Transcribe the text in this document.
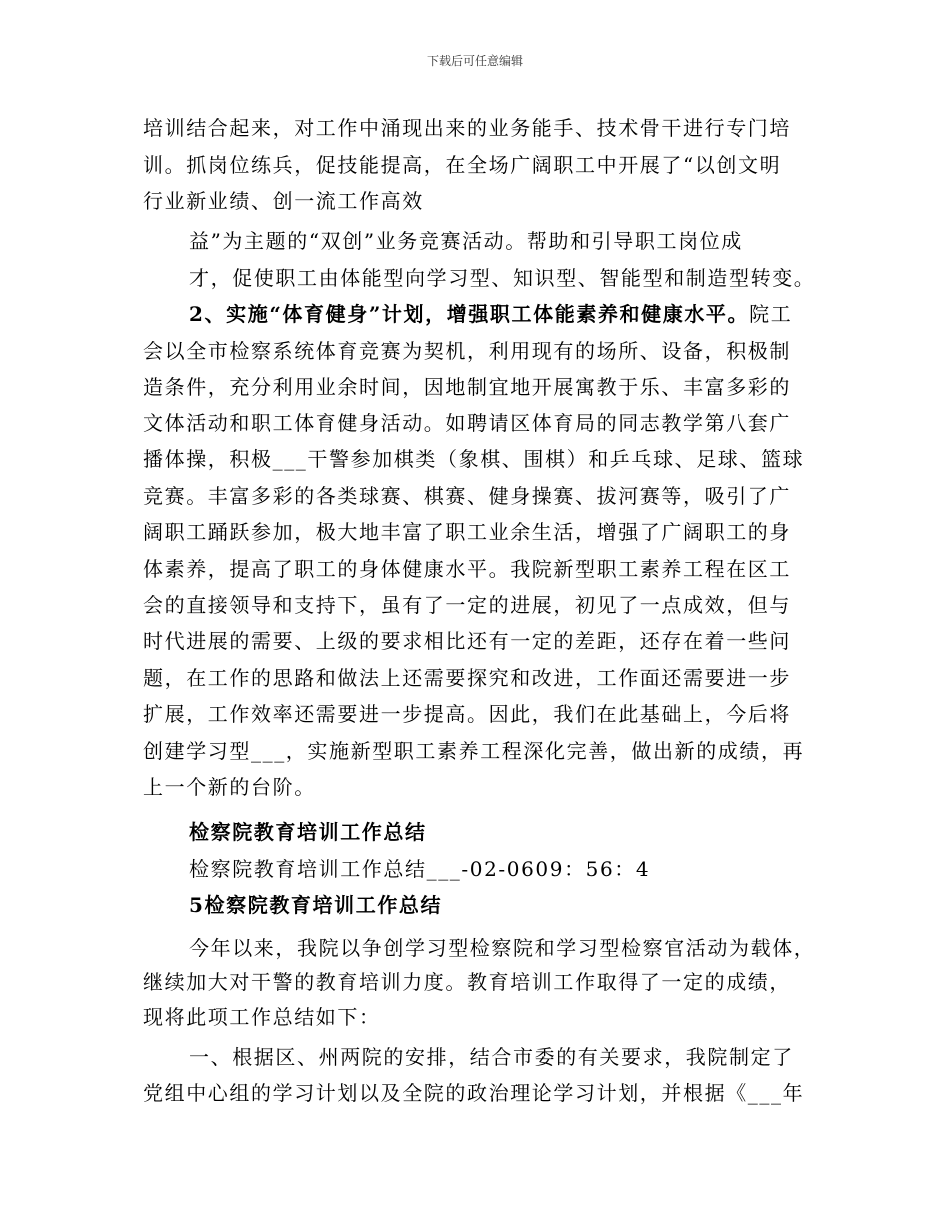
下载后可任意编辑
培训结合起来，对工作中涌现出来的业务能手、技术骨干进行专门培
训。抓岗位练兵，促技能提高，在全场广阔职工中开展了“以创文明
行业新业绩、创一流工作高效
益”为主题的“双创”业务竞赛活动。帮助和引导职工岗位成
才，促使职工由体能型向学习型、知识型、智能型和制造型转变。
2、实施“体育健身”计划，增强职工体能素养和健康水平。院工
会以全市检察系统体育竞赛为契机，利用现有的场所、设备，积极制
造条件，充分利用业余时间，因地制宜地开展寓教于乐、丰富多彩的
文体活动和职工体育健身活动。如聘请区体育局的同志教学第八套广
播体操，积极___干警参加棋类（象棋、围棋）和乒乓球、足球、篮球
竞赛。丰富多彩的各类球赛、棋赛、健身操赛、拔河赛等，吸引了广
阔职工踊跃参加，极大地丰富了职工业余生活，增强了广阔职工的身
体素养，提高了职工的身体健康水平。我院新型职工素养工程在区工
会的直接领导和支持下，虽有了一定的进展，初见了一点成效，但与
时代进展的需要、上级的要求相比还有一定的差距，还存在着一些问
题，在工作的思路和做法上还需要探究和改进，工作面还需要进一步
扩展，工作效率还需要进一步提高。因此，我们在此基础上，今后将
创建学习型___，实施新型职工素养工程深化完善，做出新的成绩，再
上一个新的台阶。
检察院教育培训工作总结
检察院教育培训工作总结___-02-0609：56：4
5检察院教育培训工作总结
今年以来，我院以争创学习型检察院和学习型检察官活动为载体，
继续加大对干警的教育培训力度。教育培训工作取得了一定的成绩，
现将此项工作总结如下：
一、根据区、州两院的安排，结合市委的有关要求，我院制定了
党组中心组的学习计划以及全院的政治理论学习计划，并根据《___年
